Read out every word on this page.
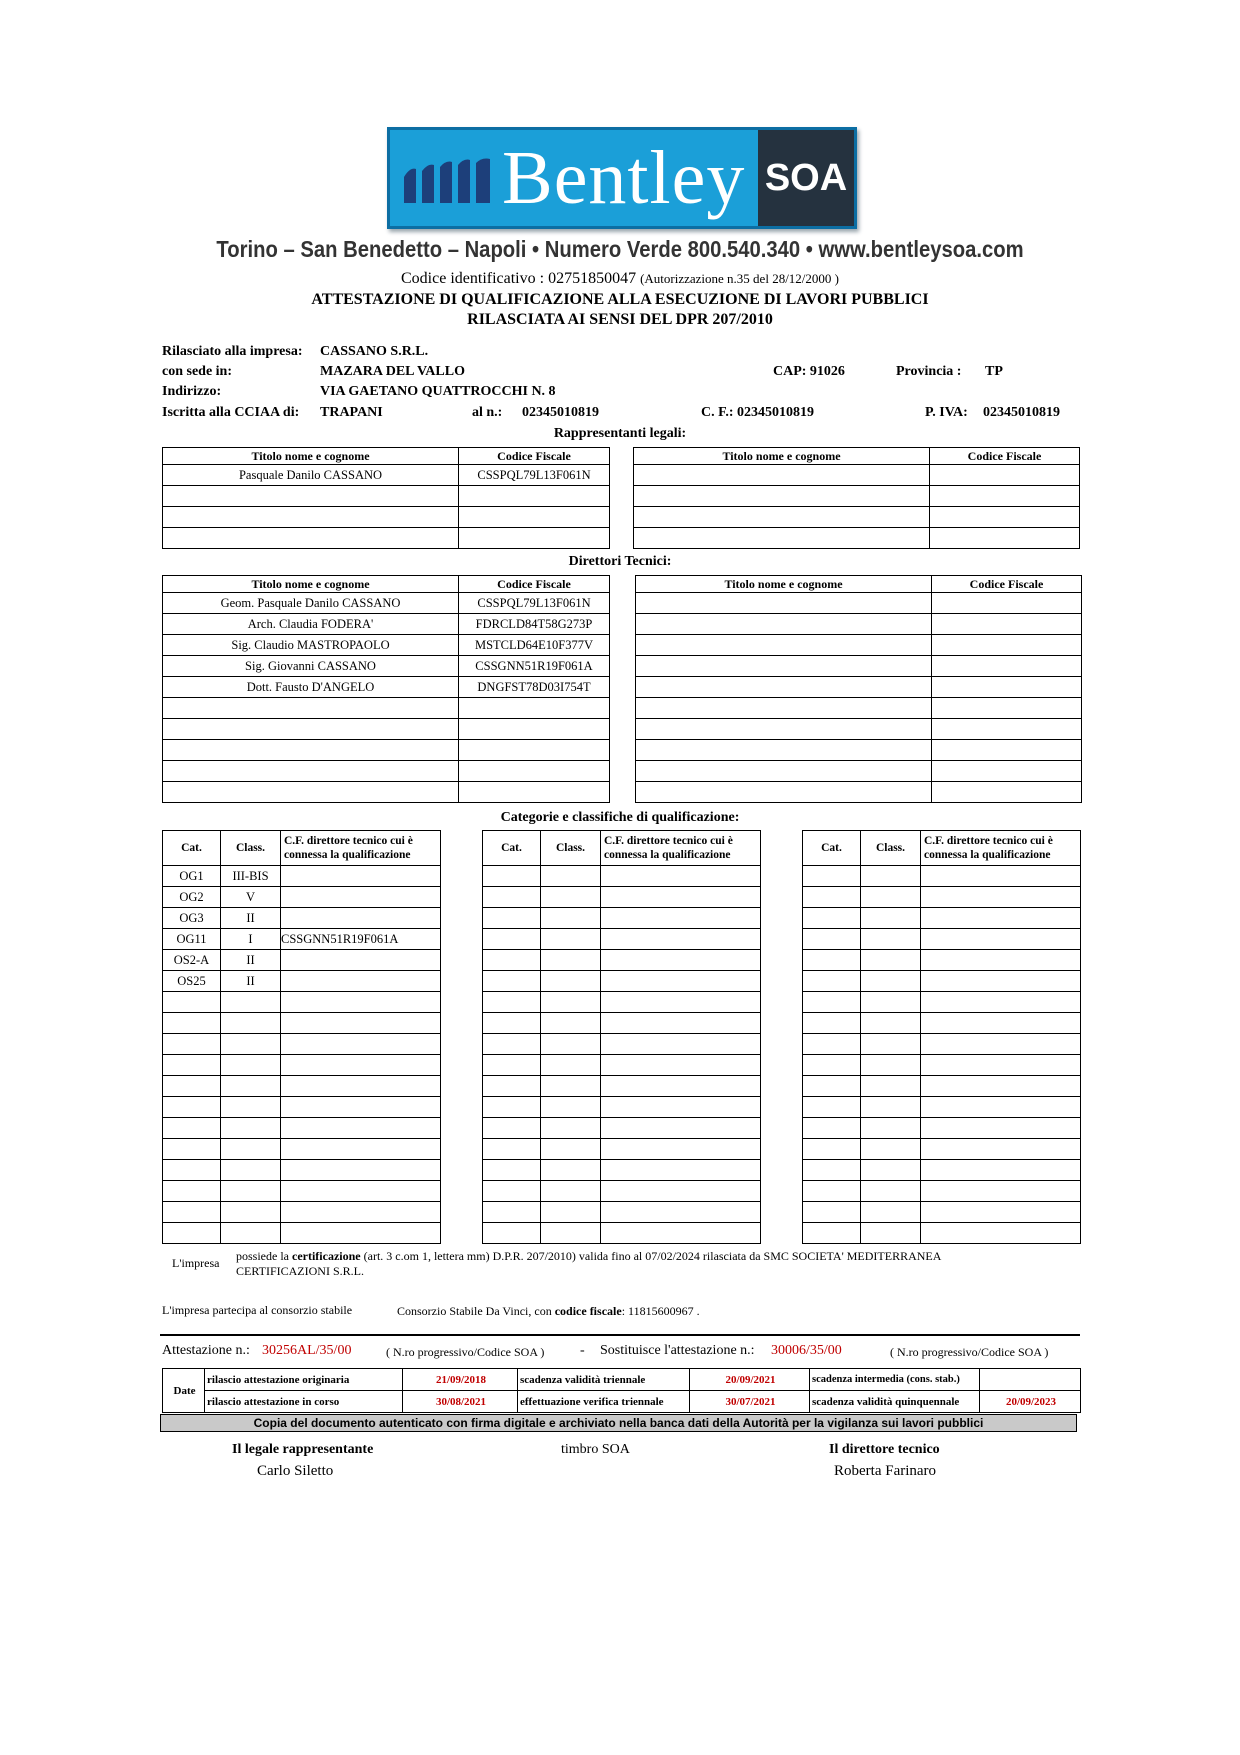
Bentley SOA
Torino – San Benedetto – Napoli • Numero Verde 800.540.340 • www.bentleysoa.com
Codice identificativo : 02751850047 (Autorizzazione n.35 del 28/12/2000 )
ATTESTAZIONE DI QUALIFICAZIONE ALLA ESECUZIONE DI LAVORI PUBBLICI
RILASCIATA AI SENSI DEL DPR 207/2010
Rilasciato alla impresa: CASSANO S.R.L.
con sede in:	MAZARA DEL VALLO	CAP: 91026	Provincia : TP
Indirizzo:	VIA GAETANO QUATTROCCHI N. 8
Iscritta alla CCIAA di: TRAPANI	al n.: 02345010819	C. F.: 02345010819	P. IVA: 02345010819
Rappresentanti legali:
Titolo nome e cognome	Codice Fiscale
Pasquale Danilo CASSANO	CSSPQL79L13F061N

Titolo nome e cognome	Codice Fiscale

Direttori Tecnici:
Titolo nome e cognome	Codice Fiscale
Geom. Pasquale Danilo CASSANO	CSSPQL79L13F061N
Arch. Claudia FODERA'	FDRCLD84T58G273P
Sig. Claudio MASTROPAOLO	MSTCLD64E10F377V
Sig. Giovanni CASSANO	CSSGNN51R19F061A
Dott. Fausto D'ANGELO	DNGFST78D03I754T

Titolo nome e cognome	Codice Fiscale

Categorie e classifiche di qualificazione:
Cat.	Class.	C.F. direttore tecnico cui è connessa la qualificazione
OG1	III-BIS	
OG2	V	
OG3	II	
OG11	I	CSSGNN51R19F061A
OS2-A	II	
OS25	II	

Cat.	Class.	C.F. direttore tecnico cui è connessa la qualificazione

Cat.	Class.	C.F. direttore tecnico cui è connessa la qualificazione

L'impresa possiede la certificazione (art. 3 c.om 1, lettera mm) D.P.R. 207/2010) valida fino al 07/02/2024 rilasciata da SMC SOCIETA' MEDITERRANEA
CERTIFICAZIONI S.R.L.
L'impresa partecipa al consorzio stabile	Consorzio Stabile Da Vinci, con codice fiscale: 11815600967 .
Attestazione n.: 30256AL/35/00	( N.ro progressivo/Codice SOA )	- Sostituisce l'attestazione n.: 30006/35/00	( N.ro progressivo/Codice SOA )
Date	rilascio attestazione originaria	21/09/2018	scadenza validità triennale	20/09/2021	scadenza intermedia (cons. stab.)	
	rilascio attestazione in corso	30/08/2021	effettuazione verifica triennale	30/07/2021	scadenza validità quinquennale	20/09/2023
Copia del documento autenticato con firma digitale e archiviato nella banca dati della Autorità per la vigilanza sui lavori pubblici
Il legale rappresentante
Carlo Siletto
timbro SOA	Il direttore tecnico
Roberta Farinaro
